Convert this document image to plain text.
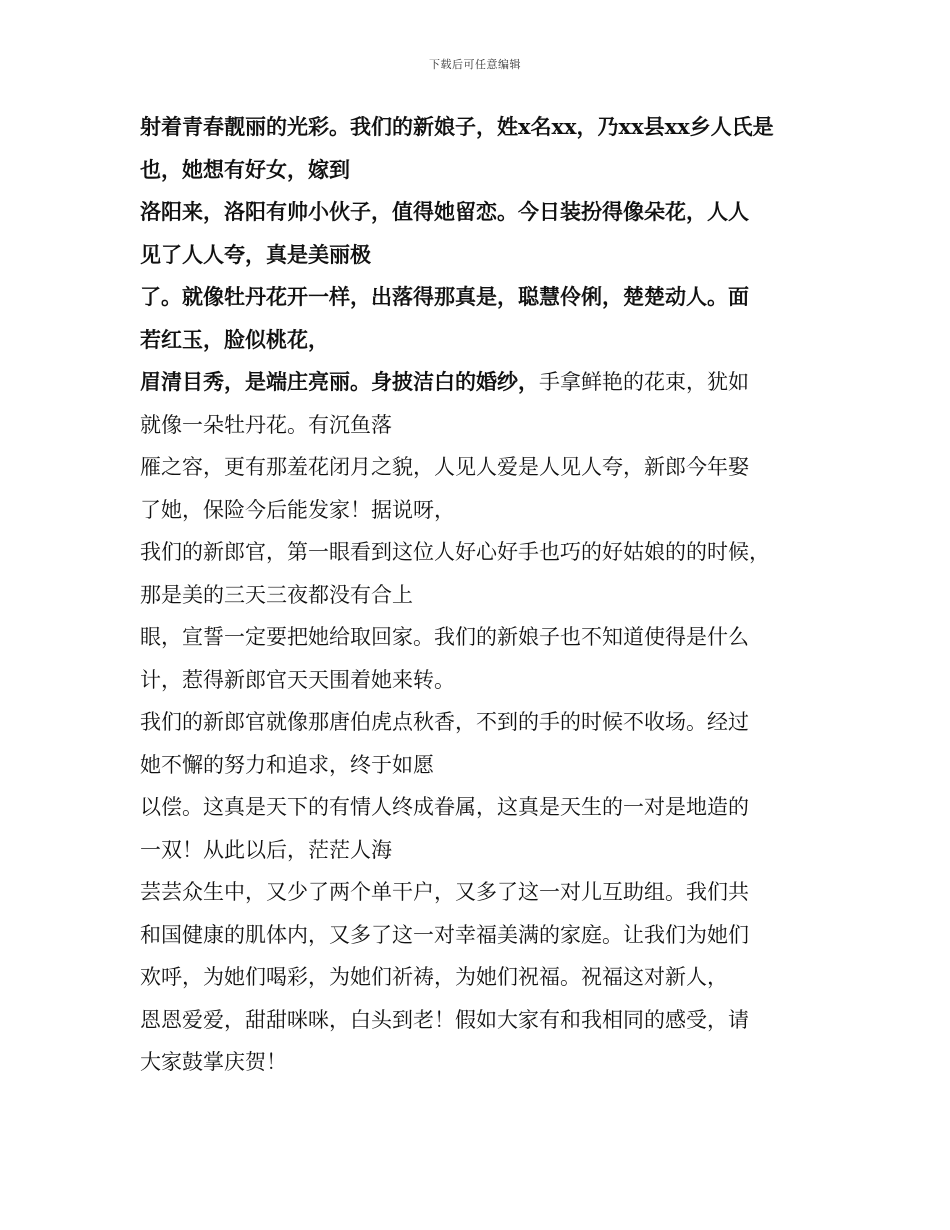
下载后可任意编辑
射着青春靓丽的光彩。我们的新娘子，姓x名xx，乃xx县xx乡人氏是
也，她想有好女，嫁到
洛阳来，洛阳有帅小伙子，值得她留恋。今日装扮得像朵花，人人
见了人人夸，真是美丽极
了。就像牡丹花开一样，出落得那真是，聪慧伶俐，楚楚动人。面
若红玉，脸似桃花，
眉清目秀，是端庄亮丽。身披洁白的婚纱，手拿鲜艳的花束，犹如
就像一朵牡丹花。有沉鱼落
雁之容，更有那羞花闭月之貌，人见人爱是人见人夸，新郎今年娶
了她，保险今后能发家！据说呀，
我们的新郎官，第一眼看到这位人好心好手也巧的好姑娘的的时候，
那是美的三天三夜都没有合上
眼，宣誓一定要把她给取回家。我们的新娘子也不知道使得是什么
计，惹得新郎官天天围着她来转。
我们的新郎官就像那唐伯虎点秋香，不到的手的时候不收场。经过
她不懈的努力和追求，终于如愿
以偿。这真是天下的有情人终成眷属，这真是天生的一对是地造的
一双！从此以后，茫茫人海
芸芸众生中，又少了两个单干户，又多了这一对儿互助组。我们共
和国健康的肌体内，又多了这一对幸福美满的家庭。让我们为她们
欢呼，为她们喝彩，为她们祈祷，为她们祝福。祝福这对新人，
恩恩爱爱，甜甜咪咪，白头到老！假如大家有和我相同的感受，请
大家鼓掌庆贺！
